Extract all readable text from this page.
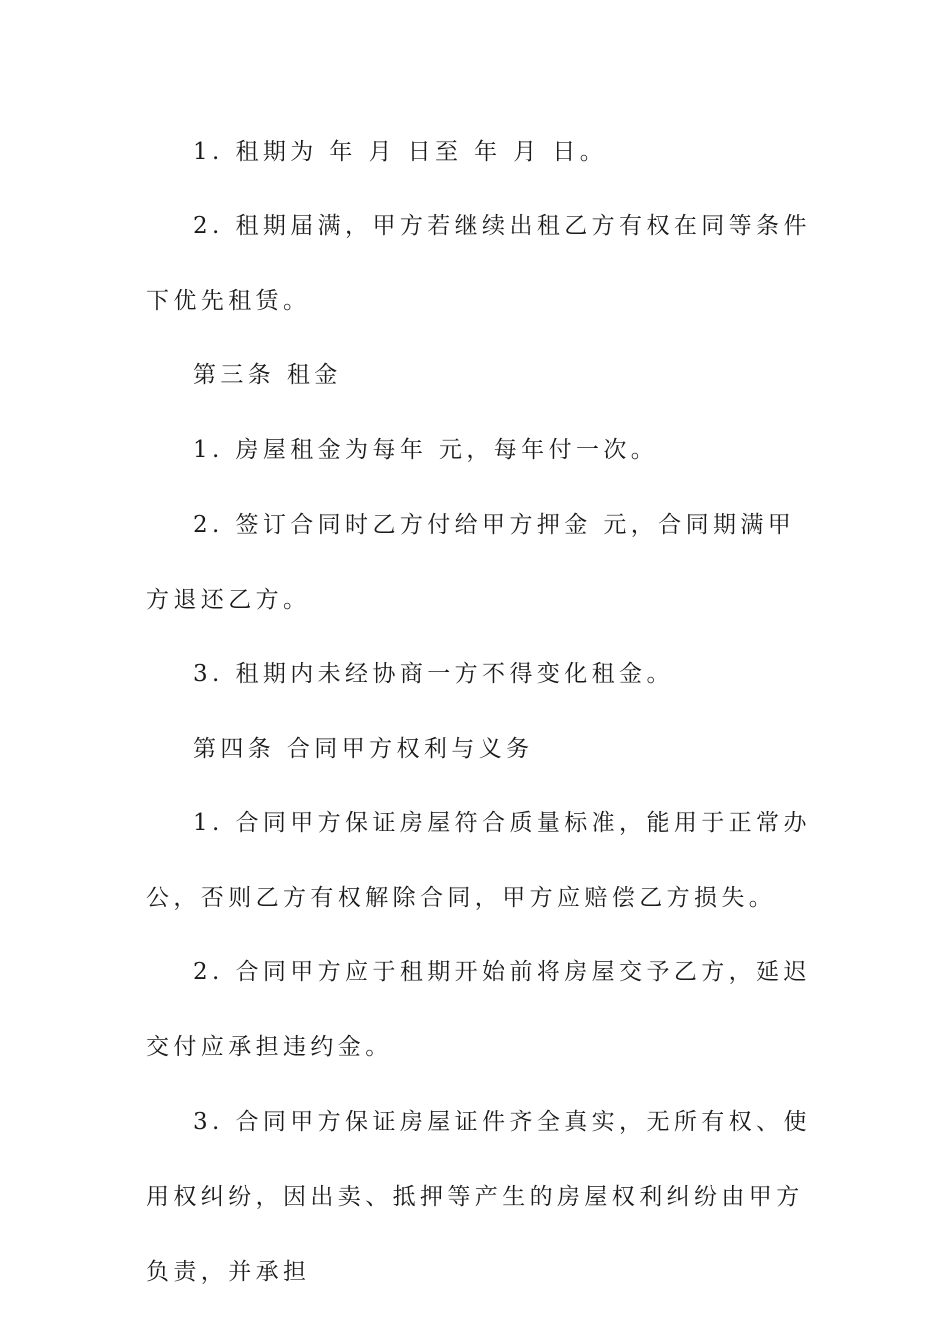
1. 租期为 年 月 日至 年 月 日。

2. 租期届满，甲方若继续出租乙方有权在同等条件下优先租赁。

第三条 租金

1. 房屋租金为每年 元，每年付一次。

2. 签订合同时乙方付给甲方押金 元，合同期满甲方退还乙方。

3. 租期内未经协商一方不得变化租金。

第四条 合同甲方权利与义务

1. 合同甲方保证房屋符合质量标准，能用于正常办公，否则乙方有权解除合同，甲方应赔偿乙方损失。

2. 合同甲方应于租期开始前将房屋交予乙方，延迟交付应承担违约金。

3. 合同甲方保证房屋证件齐全真实，无所有权、使用权纠纷，因出卖、抵押等产生的房屋权利纠纷由甲方负责，并承担
